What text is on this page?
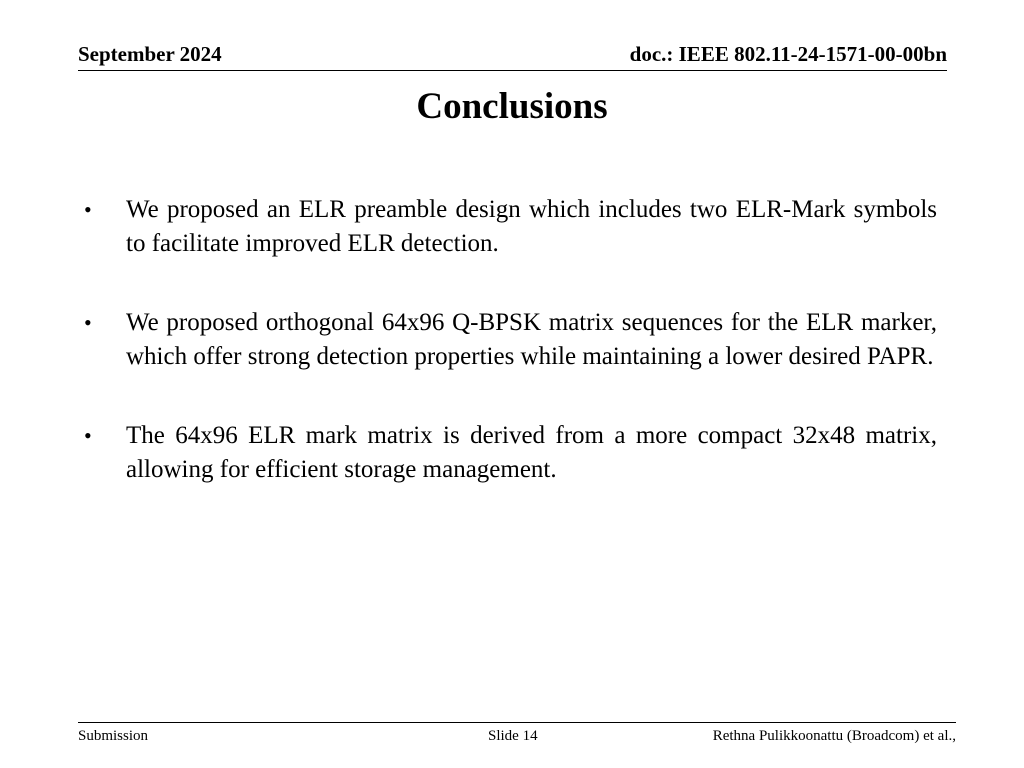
September 2024	doc.: IEEE 802.11-24-1571-00-00bn
Conclusions
• We proposed an ELR preamble design which includes two ELR-Mark symbols to facilitate improved ELR detection.
• We proposed orthogonal 64x96 Q-BPSK matrix sequences for the ELR marker, which offer strong detection properties while maintaining a lower desired PAPR.
• The 64x96 ELR mark matrix is derived from a more compact 32x48 matrix, allowing for efficient storage management.
Submission	Slide 14	Rethna Pulikkoonattu (Broadcom) et al.,
